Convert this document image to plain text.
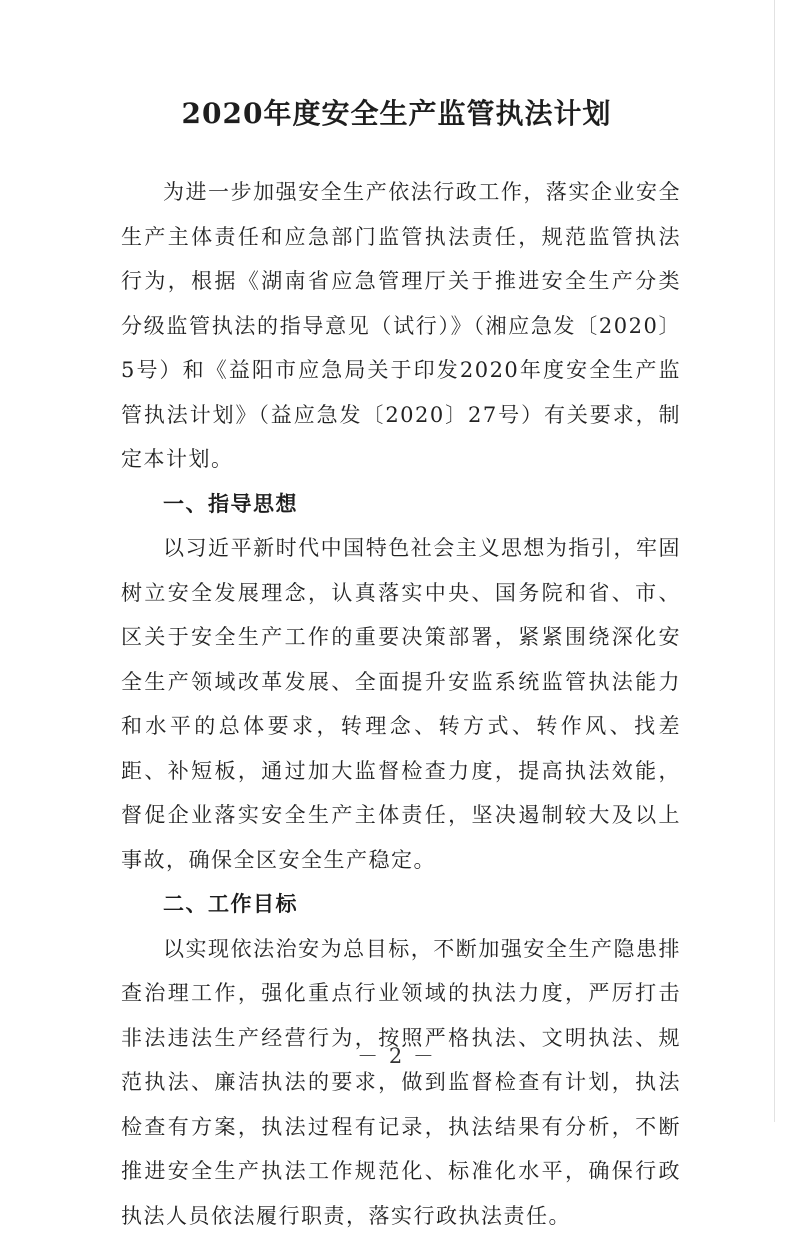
2020年度安全生产监管执法计划

为进一步加强安全生产依法行政工作，落实企业安全生产主体责任和应急部门监管执法责任，规范监管执法行为，根据《湖南省应急管理厅关于推进安全生产分类分级监管执法的指导意见（试行）》（湘应急发〔2020〕5号）和《益阳市应急局关于印发2020年度安全生产监管执法计划》（益应急发〔2020〕27号）有关要求，制定本计划。

一、指导思想

以习近平新时代中国特色社会主义思想为指引，牢固树立安全发展理念，认真落实中央、国务院和省、市、区关于安全生产工作的重要决策部署，紧紧围绕深化安全生产领域改革发展、全面提升安监系统监管执法能力和水平的总体要求，转理念、转方式、转作风、找差距、补短板，通过加大监督检查力度，提高执法效能，督促企业落实安全生产主体责任，坚决遏制较大及以上事故，确保全区安全生产稳定。

二、工作目标

以实现依法治安为总目标，不断加强安全生产隐患排查治理工作，强化重点行业领域的执法力度，严厉打击非法违法生产经营行为，按照严格执法、文明执法、规范执法、廉洁执法的要求，做到监督检查有计划，执法检查有方案，执法过程有记录，执法结果有分析，不断推进安全生产执法工作规范化、标准化水平，确保行政执法人员依法履行职责，落实行政执法责任。

－ 2 －
